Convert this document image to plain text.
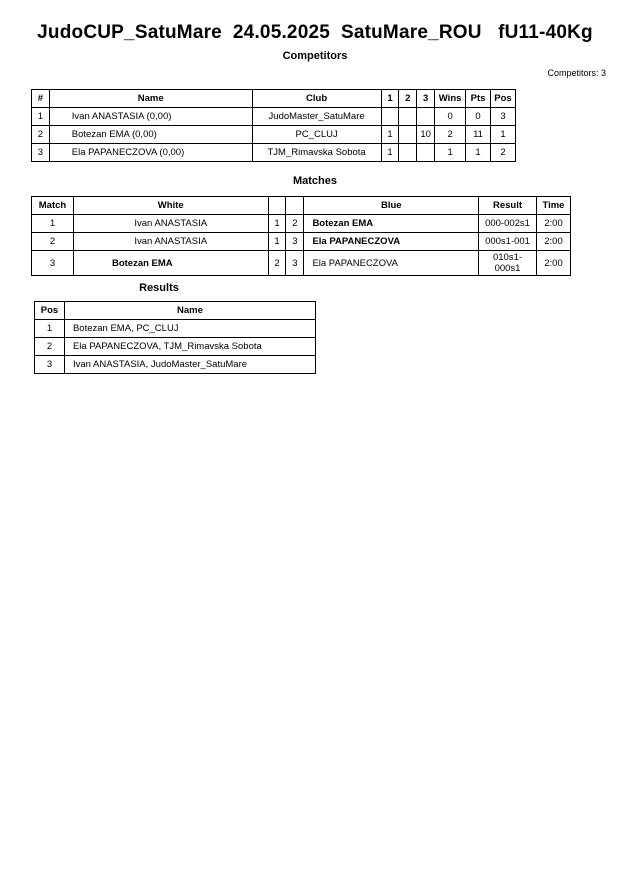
JudoCUP_SatuMare  24.05.2025  SatuMare_ROU   fU11-40Kg
Competitors
Competitors: 3
#	Name	Club	1	2	3	Wins	Pts	Pos
1	Ivan ANASTASIA (0,00)	JudoMaster_SatuMare				0	0	3
2	Botezan EMA (0,00)	PC_CLUJ	1		10	2	11	1
3	Ela PAPANECZOVA (0,00)	TJM_Rimavska Sobota	1			1	1	2
Matches
Match	White			Blue	Result	Time
1	Ivan ANASTASIA	1	2	Botezan EMA	000-002s1	2:00
2	Ivan ANASTASIA	1	3	Ela PAPANECZOVA	000s1-001	2:00
3	Botezan EMA	2	3	Ela PAPANECZOVA	010s1-000s1	2:00
Results
Pos	Name
1	Botezan EMA, PC_CLUJ
2	Ela PAPANECZOVA, TJM_Rimavska Sobota
3	Ivan ANASTASIA, JudoMaster_SatuMare
